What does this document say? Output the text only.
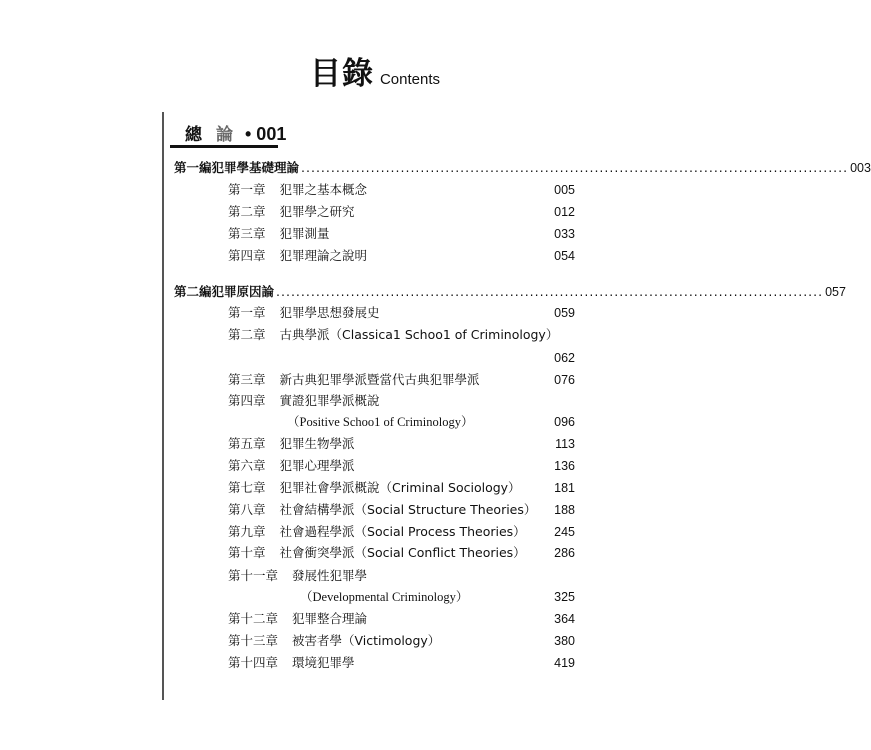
目錄 Contents
總 論 • 001
第一編 犯罪學基礎理論 .............................................................................................................. 003
第一章 犯罪之基本概念	005
第二章 犯罪學之研究	012
第三章 犯罪測量	033
第四章 犯罪理論之說明	054
第二編 犯罪原因論 .............................................................................................................. 057
第一章 犯罪學思想發展史	059
第二章 古典學派（Classica1 Schoo1 of Criminology）
062
第三章 新古典犯罪學派暨當代古典犯罪學派	076
第四章 實證犯罪學派概說
（Positive Schoo1 of Criminology）	096
第五章 犯罪生物學派	113
第六章 犯罪心理學派	136
第七章 犯罪社會學派概說（Criminal Sociology）	181
第八章 社會結構學派（Social Structure Theories） 188
第九章 社會過程學派（Social Process Theories） 245
第十章 社會衝突學派（Social Conflict Theories） 286
第十一章 發展性犯罪學
（Developmental Criminology）	325
第十二章 犯罪整合理論	364
第十三章 被害者學（Victimology）	380
第十四章 環境犯罪學	419
